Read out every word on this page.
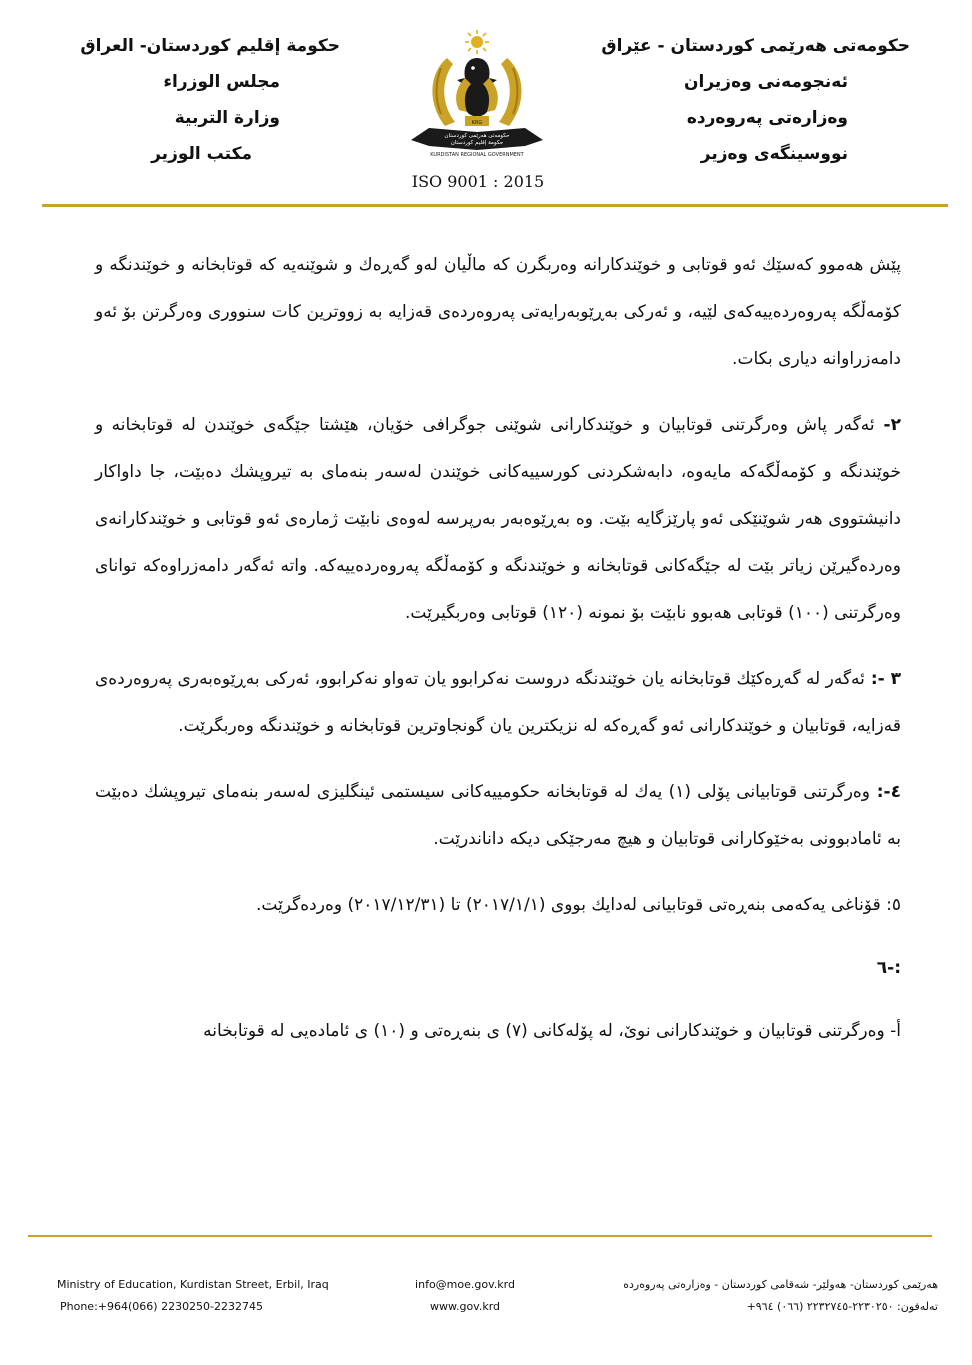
حکومەتی هەرێمی کوردستان - عێراق
ئەنجومەنی وەزیران
وەزارەتی پەروەردە
نووسینگەی وەزیر
حكومة إقليم كوردستان- العراق
مجلس الوزراء
وزارة التربية
مكتب الوزير
KRG
حكومەتی هەرێمی كوردستان
حكومة إقليم كوردستان
KURDISTAN REGIONAL GOVERNMENT
ISO 9001 : 2015

پێش هەموو کەسێك ئەو قوتابی و خوێندکارانە وەربگرن کە ماڵیان لەو گەڕەك و شوێنەیە کە قوتابخانە و خوێندنگە و کۆمەڵگە پەروەردەییەکەی لێیە، و ئەرکی بەڕێوبەرایەتی پەروەردەی قەزایە بە زووترین کات سنووری وەرگرتن بۆ ئەو دامەزراوانە دیاری بکات.

٢- ئەگەر پاش وەرگرتنی قوتابیان و خوێندکارانی شوێنی جوگرافی خۆیان، هێشتا جێگەی خوێندن لە قوتابخانە و خوێندنگە و کۆمەڵگەکە مایەوە، دابەشکردنی کورسییەکانی خوێندن لەسەر بنەمای بە تیروپشك دەبێت، جا داواکار دانیشتووی هەر شوێنێکی ئەو پارێزگایە بێت. وە بەڕێوەبەر بەرپرسە لەوەی نابێت ژمارەی ئەو قوتابی و خوێندکارانەی وەردەگیرێن زیاتر بێت لە جێگەکانی قوتابخانە و خوێندنگە و کۆمەڵگە پەروەردەییەکە. واتە ئەگەر دامەزراوەکە توانای وەرگرتنی (١٠٠) قوتابی هەبوو نابێت بۆ نمونە (١٢٠) قوتابی وەربگیرێت.

٣ -: ئەگەر لە گەڕەکێك قوتابخانە یان خوێندنگە دروست نەکرابوو یان تەواو نەکرابوو، ئەرکی بەڕێوەبەری پەروەردەی قەزایە، قوتابیان و خوێندکارانی ئەو گەڕەکە لە نزیکترین یان گونجاوترین قوتابخانە و خوێندنگە وەربگرێت.

٤-: وەرگرتنی قوتابیانی پۆلی (١) یەك لە قوتابخانە حکومییەکانی سیستمی ئینگلیزی لەسەر بنەمای تیروپشك دەبێت بە ئامادبوونی بەخێوکارانی قوتابیان و هیچ مەرجێکی دیکە داناندرێت.

٥: قۆناغی یەکەمی بنەڕەتی قوتابیانی لەدایك بووی (٢٠١٧/١/١) تا (٢٠١٧/١٢/٣١) وەردەگرێت.

:-٦

أ- وەرگرتنی قوتابیان و خوێندکارانی نوێ، لە پۆلەکانی (٧) ی بنەڕەتی و (١٠) ی ئامادەیی لە قوتابخانە

Ministry of Education, Kurdistan Street, Erbil, Iraq
Phone:+964(066) 2230250-2232745
info@moe.gov.krd
www.gov.krd
هەرێمی کوردستان- هەولێر- شەقامی کوردستان - وەزارەتی پەروەردە
تەلەفون: ٢٢٣٠٢٥٠-٢٢٣٢٧٤٥ (٠٦٦) ٩٦٤+
